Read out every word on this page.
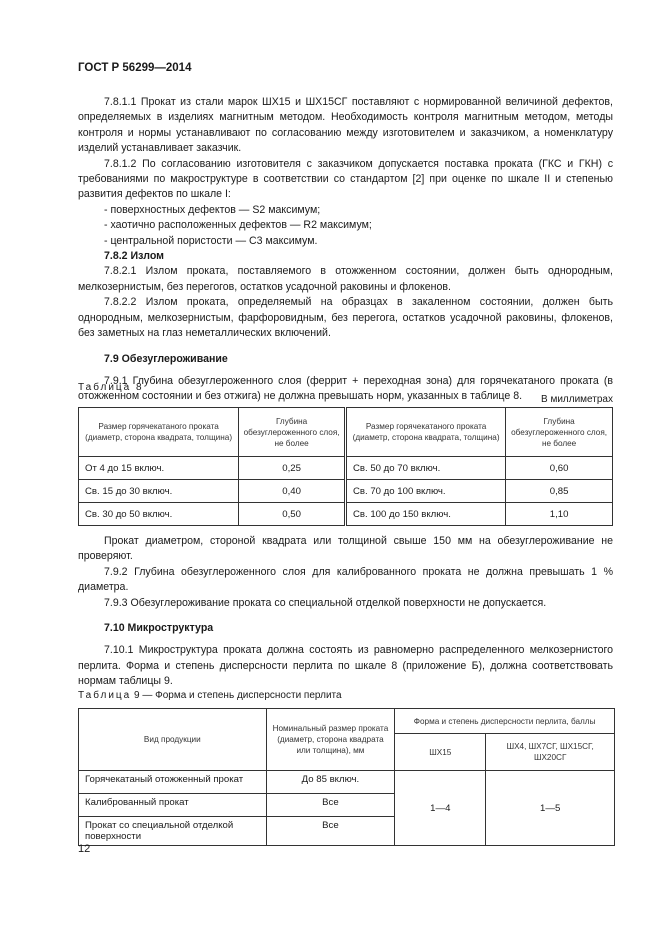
ГОСТ Р 56299—2014

7.8.1.1 Прокат из стали марок ШХ15 и ШХ15СГ поставляют с нормированной величиной дефектов, определяемых в изделиях магнитным методом. Необходимость контроля магнитным методом, методы контроля и нормы устанавливают по согласованию между изготовителем и заказчиком, а номенклатуру изделий устанавливает заказчик.

7.8.1.2 По согласованию изготовителя с заказчиком допускается поставка проката (ГКС и ГКН) с требованиями по макроструктуре в соответствии со стандартом [2] при оценке по шкале II и степенью развития дефектов по шкале I:

- поверхностных дефектов — S2 максимум;

- хаотично расположенных дефектов — R2 максимум;

- центральной пористости — C3 максимум.

7.8.2 Излом

7.8.2.1 Излом проката, поставляемого в отожженном состоянии, должен быть однородным, мелкозернистым, без перегогов, остатков усадочной раковины и флокенов.

7.8.2.2 Излом проката, определяемый на образцах в закаленном состоянии, должен быть однородным, мелкозернистым, фарфоровидным, без перегога, остатков усадочной раковины, флокенов, без заметных на глаз неметаллических включений.

7.9 Обезуглероживание

7.9.1 Глубина обезуглероженного слоя (феррит + переходная зона) для горячекатаного проката (в отожженном состоянии и без отжига) не должна превышать норм, указанных в таблице 8.

Таблица 8
В миллиметрах
Размер горячекатаного проката (диаметр, сторона квадрата, толщина)	Глубина обезуглероженного слоя, не более	Размер горячекатаного проката (диаметр, сторона квадрата, толщина)	Глубина обезуглероженного слоя, не более
От 4 до 15 включ.	0,25	Св. 50 до 70 включ.	0,60
Св. 15 до 30 включ.	0,40	Св. 70 до 100 включ.	0,85
Св. 30 до 50 включ.	0,50	Св. 100 до 150 включ.	1,10

Прокат диаметром, стороной квадрата или толщиной свыше 150 мм на обезуглероживание не проверяют.

7.9.2 Глубина обезуглероженного слоя для калиброванного проката не должна превышать 1 % диаметра.

7.9.3 Обезуглероживание проката со специальной отделкой поверхности не допускается.

7.10 Микроструктура

7.10.1 Микроструктура проката должна состоять из равномерно распределенного мелкозернистого перлита. Форма и степень дисперсности перлита по шкале 8 (приложение Б), должна соответствовать нормам таблицы 9.

Таблица 9 — Форма и степень дисперсности перлита
Вид продукции	Номинальный размер проката (диаметр, сторона квадрата или толщина), мм	Форма и степень дисперсности перлита, баллы	
		ШХ15	ШХ4, ШХ7СГ, ШХ15СГ, ШХ20СГ
Горячекатаный отожженный прокат	До 85 включ.	1—4	1—5
Калиброванный прокат	Все		
Прокат со специальной отделкой поверхности	Все		
12
